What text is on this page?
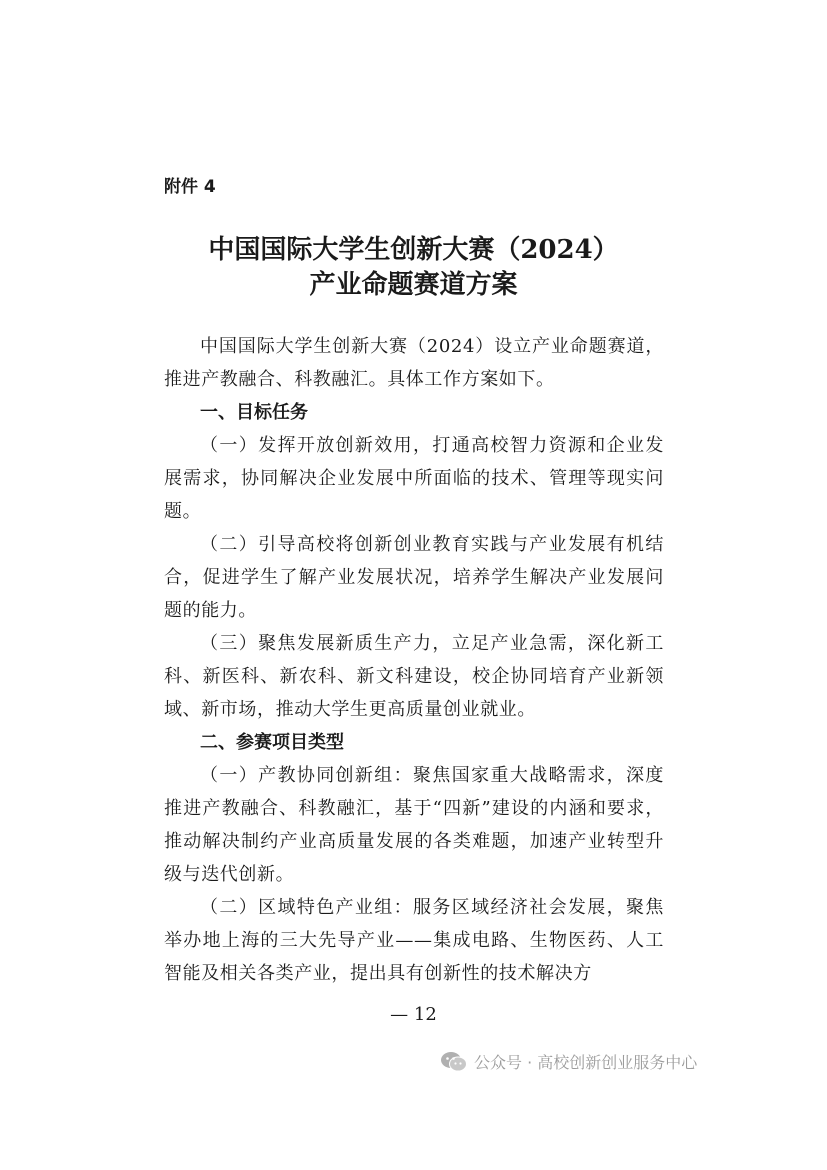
附件 4
中国国际大学生创新大赛（2024）
产业命题赛道方案

中国国际大学生创新大赛（2024）设立产业命题赛道，推进产教融合、科教融汇。具体工作方案如下。

一、目标任务

（一）发挥开放创新效用，打通高校智力资源和企业发展需求，协同解决企业发展中所面临的技术、管理等现实问题。

（二）引导高校将创新创业教育实践与产业发展有机结合，促进学生了解产业发展状况，培养学生解决产业发展问题的能力。

（三）聚焦发展新质生产力，立足产业急需，深化新工科、新医科、新农科、新文科建设，校企协同培育产业新领域、新市场，推动大学生更高质量创业就业。

二、参赛项目类型

（一）产教协同创新组：聚焦国家重大战略需求，深度推进产教融合、科教融汇，基于“四新”建设的内涵和要求，推动解决制约产业高质量发展的各类难题，加速产业转型升级与迭代创新。

（二）区域特色产业组：服务区域经济社会发展，聚焦举办地上海的三大先导产业——集成电路、生物医药、人工智能及相关各类产业，提出具有创新性的技术解决方

— 12
公众号 · 高校创新创业服务中心
